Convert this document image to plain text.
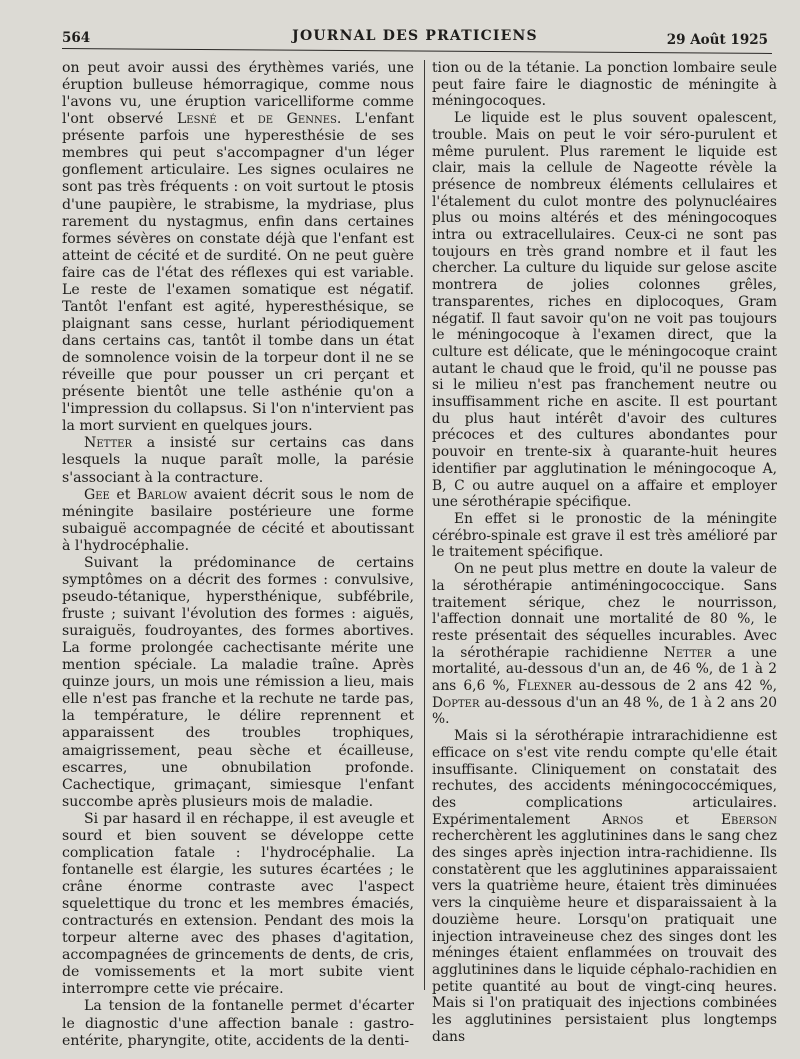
564	JOURNAL DES PRATICIENS	29 Août 1925

on peut avoir aussi des érythèmes variés, une éruption bulleuse hémorragique, comme nous l'avons vu, une éruption varicelliforme comme l'ont observé Lesné et de Gennes. L'enfant présente parfois une hyperesthésie de ses membres qui peut s'accompagner d'un léger gonflement articulaire. Les signes oculaires ne sont pas très fréquents : on voit surtout le ptosis d'une paupière, le strabisme, la mydriase, plus rarement du nystagmus, enfin dans certaines formes sévères on constate déjà que l'enfant est atteint de cécité et de surdité. On ne peut guère faire cas de l'état des réflexes qui est variable. Le reste de l'examen somatique est négatif. Tantôt l'enfant est agité, hyperesthésique, se plaignant sans cesse, hurlant périodiquement dans certains cas, tantôt il tombe dans un état de somnolence voisin de la torpeur dont il ne se réveille que pour pousser un cri perçant et présente bientôt une telle asthénie qu'on a l'impression du collapsus. Si l'on n'intervient pas la mort survient en quelques jours.

Netter a insisté sur certains cas dans lesquels la nuque paraît molle, la parésie s'associant à la contracture.

Gee et Barlow avaient décrit sous le nom de méningite basilaire postérieure une forme subaiguë accompagnée de cécité et aboutissant à l'hydrocéphalie.

Suivant la prédominance de certains symptômes on a décrit des formes : convulsive, pseudo-tétanique, hypersthénique, subfébrile, fruste ; suivant l'évolution des formes : aiguës, suraiguës, foudroyantes, des formes abortives. La forme prolongée cachectisante mérite une mention spéciale. La maladie traîne. Après quinze jours, un mois une rémission a lieu, mais elle n'est pas franche et la rechute ne tarde pas, la température, le délire reprennent et apparaissent des troubles trophiques, amaigrissement, peau sèche et écailleuse, escarres, une obnubilation profonde. Cachectique, grimaçant, simiesque l'enfant succombe après plusieurs mois de maladie.

Si par hasard il en réchappe, il est aveugle et sourd et bien souvent se développe cette complication fatale : l'hydrocéphalie. La fontanelle est élargie, les sutures écartées ; le crâne énorme contraste avec l'aspect squelettique du tronc et les membres émaciés, contracturés en extension. Pendant des mois la torpeur alterne avec des phases d'agitation, accompagnées de grincements de dents, de cris, de vomissements et la mort subite vient interrompre cette vie précaire.

La tension de la fontanelle permet d'écarter le diagnostic d'une affection banale : gastro-entérite, pharyngite, otite, accidents de la denti-

tion ou de la tétanie. La ponction lombaire seule peut faire faire le diagnostic de méningite à méningocoques.

Le liquide est le plus souvent opalescent, trouble. Mais on peut le voir séro-purulent et même purulent. Plus rarement le liquide est clair, mais la cellule de Nageotte révèle la présence de nombreux éléments cellulaires et l'étalement du culot montre des polynucléaires plus ou moins altérés et des méningocoques intra ou extracellulaires. Ceux-ci ne sont pas toujours en très grand nombre et il faut les chercher. La culture du liquide sur gelose ascite montrera de jolies colonnes grêles, transparentes, riches en diplocoques, Gram négatif. Il faut savoir qu'on ne voit pas toujours le méningocoque à l'examen direct, que la culture est délicate, que le méningocoque craint autant le chaud que le froid, qu'il ne pousse pas si le milieu n'est pas franchement neutre ou insuffisamment riche en ascite. Il est pourtant du plus haut intérêt d'avoir des cultures précoces et des cultures abondantes pour pouvoir en trente-six à quarante-huit heures identifier par agglutination le méningocoque A, B, C ou autre auquel on a affaire et employer une sérothérapie spécifique.

En effet si le pronostic de la méningite cérébro-spinale est grave il est très amélioré par le traitement spécifique.

On ne peut plus mettre en doute la valeur de la sérothérapie antiméningococcique. Sans traitement sérique, chez le nourrisson, l'affection donnait une mortalité de 80 %, le reste présentait des séquelles incurables. Avec la sérothérapie rachidienne Netter a une mortalité, au-dessous d'un an, de 46 %, de 1 à 2 ans 6,6 %, Flexner au-dessous de 2 ans 42 %, Dopter au-dessous d'un an 48 %, de 1 à 2 ans 20 %.

Mais si la sérothérapie intrarachidienne est efficace on s'est vite rendu compte qu'elle était insuffisante. Cliniquement on constatait des rechutes, des accidents méningococcémiques, des complications articulaires. Expérimentalement Arnos et Eberson recherchèrent les agglutinines dans le sang chez des singes après injection intra-rachidienne. Ils constatèrent que les agglutinines apparaissaient vers la quatrième heure, étaient très diminuées vers la cinquième heure et disparaissaient à la douzième heure. Lorsqu'on pratiquait une injection intraveineuse chez des singes dont les méninges étaient enflammées on trouvait des agglutinines dans le liquide céphalo-rachidien en petite quantité au bout de vingt-cinq heures. Mais si l'on pratiquait des injections combinées les agglutinines persistaient plus longtemps dans
